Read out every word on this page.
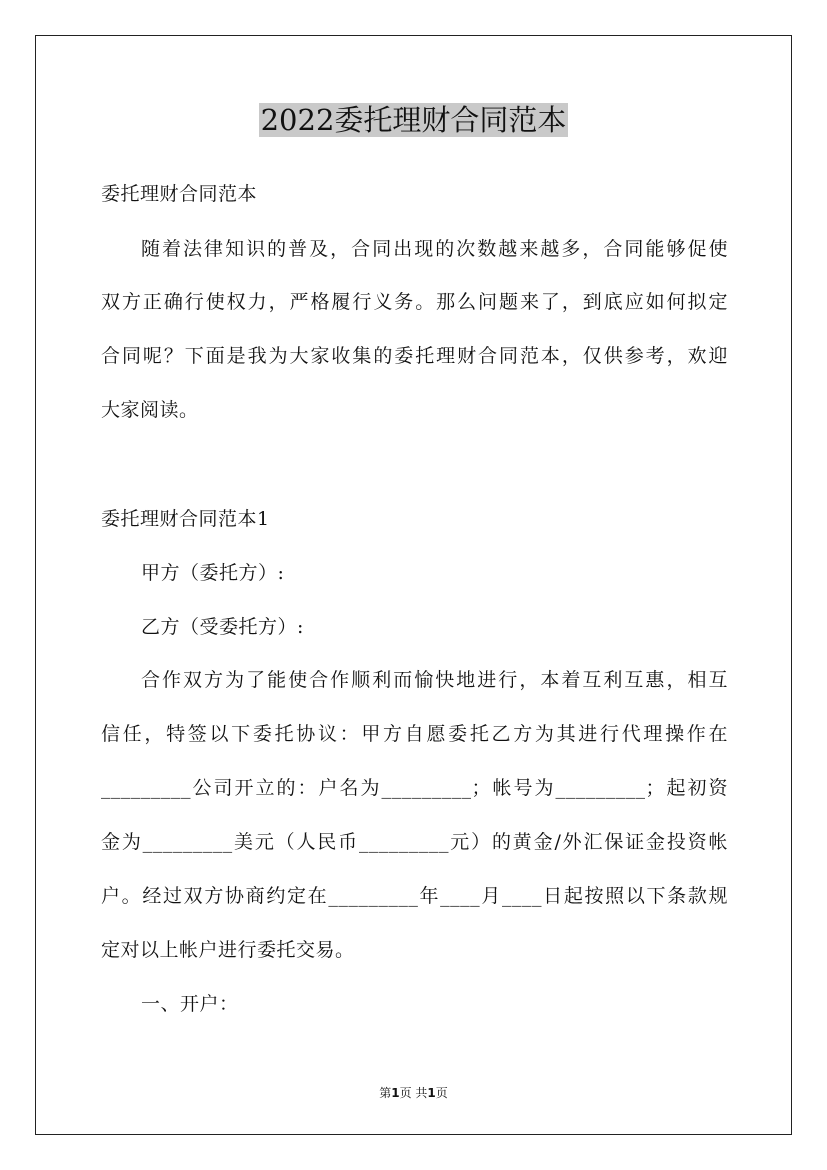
2022委托理财合同范本
委托理财合同范本
随着法律知识的普及，合同出现的次数越来越多，合同能够促使
双方正确行使权力，严格履行义务。那么问题来了，到底应如何拟定
合同呢？下面是我为大家收集的委托理财合同范本，仅供参考，欢迎
大家阅读。
委托理财合同范本1
甲方（委托方）:
乙方（受委托方）:
合作双方为了能使合作顺利而愉快地进行，本着互利互惠，相互
信任，特签以下委托协议：甲方自愿委托乙方为其进行代理操作在
_________公司开立的：户名为_________；帐号为_________；起初资
金为_________美元（人民币_________元）的黄金/外汇保证金投资帐
户。经过双方协商约定在_________年____月____日起按照以下条款规
定对以上帐户进行委托交易。
一、开户：
第1页 共1页
